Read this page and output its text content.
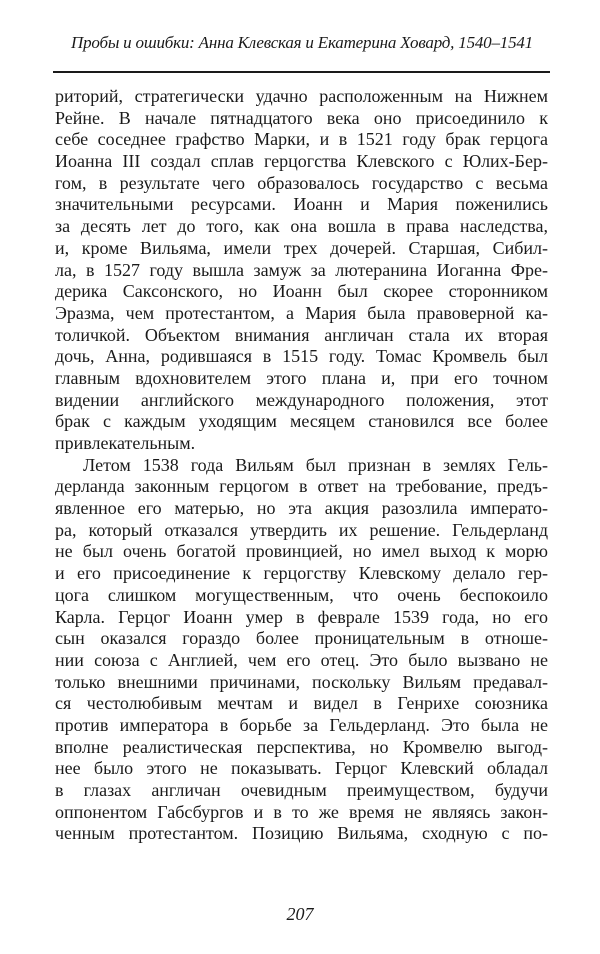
Пробы и ошибки: Анна Клевская и Екатерина Ховард, 1540–1541
риторий, стратегически удачно расположенным на Нижнем
Рейне. В начале пятнадцатого века оно присоединило к
себе соседнее графство Марки, и в 1521 году брак герцога
Иоанна III создал сплав герцогства Клевского с Юлих-Бер-
гом, в результате чего образовалось государство с весьма
значительными ресурсами. Иоанн и Мария поженились
за десять лет до того, как она вошла в права наследства,
и, кроме Вильяма, имели трех дочерей. Старшая, Сибил-
ла, в 1527 году вышла замуж за лютеранина Иоганна Фре-
дерика Саксонского, но Иоанн был скорее сторонником
Эразма, чем протестантом, а Мария была правоверной ка-
толичкой. Объектом внимания англичан стала их вторая
дочь, Анна, родившаяся в 1515 году. Томас Кромвель был
главным вдохновителем этого плана и, при его точном
видении английского международного положения, этот
брак с каждым уходящим месяцем становился все более
привлекательным.
Летом 1538 года Вильям был признан в землях Гель-
дерланда законным герцогом в ответ на требование, предъ-
явленное его матерью, но эта акция разозлила императо-
ра, который отказался утвердить их решение. Гельдерланд
не был очень богатой провинцией, но имел выход к морю
и его присоединение к герцогству Клевскому делало гер-
цога слишком могущественным, что очень беспокоило
Карла. Герцог Иоанн умер в феврале 1539 года, но его
сын оказался гораздо более проницательным в отноше-
нии союза с Англией, чем его отец. Это было вызвано не
только внешними причинами, поскольку Вильям предавал-
ся честолюбивым мечтам и видел в Генрихе союзника
против императора в борьбе за Гельдерланд. Это была не
вполне реалистическая перспектива, но Кромвелю выгод-
нее было этого не показывать. Герцог Клевский обладал
в глазах англичан очевидным преимуществом, будучи
оппонентом Габсбургов и в то же время не являясь закон-
ченным протестантом. Позицию Вильяма, сходную с по-
207
